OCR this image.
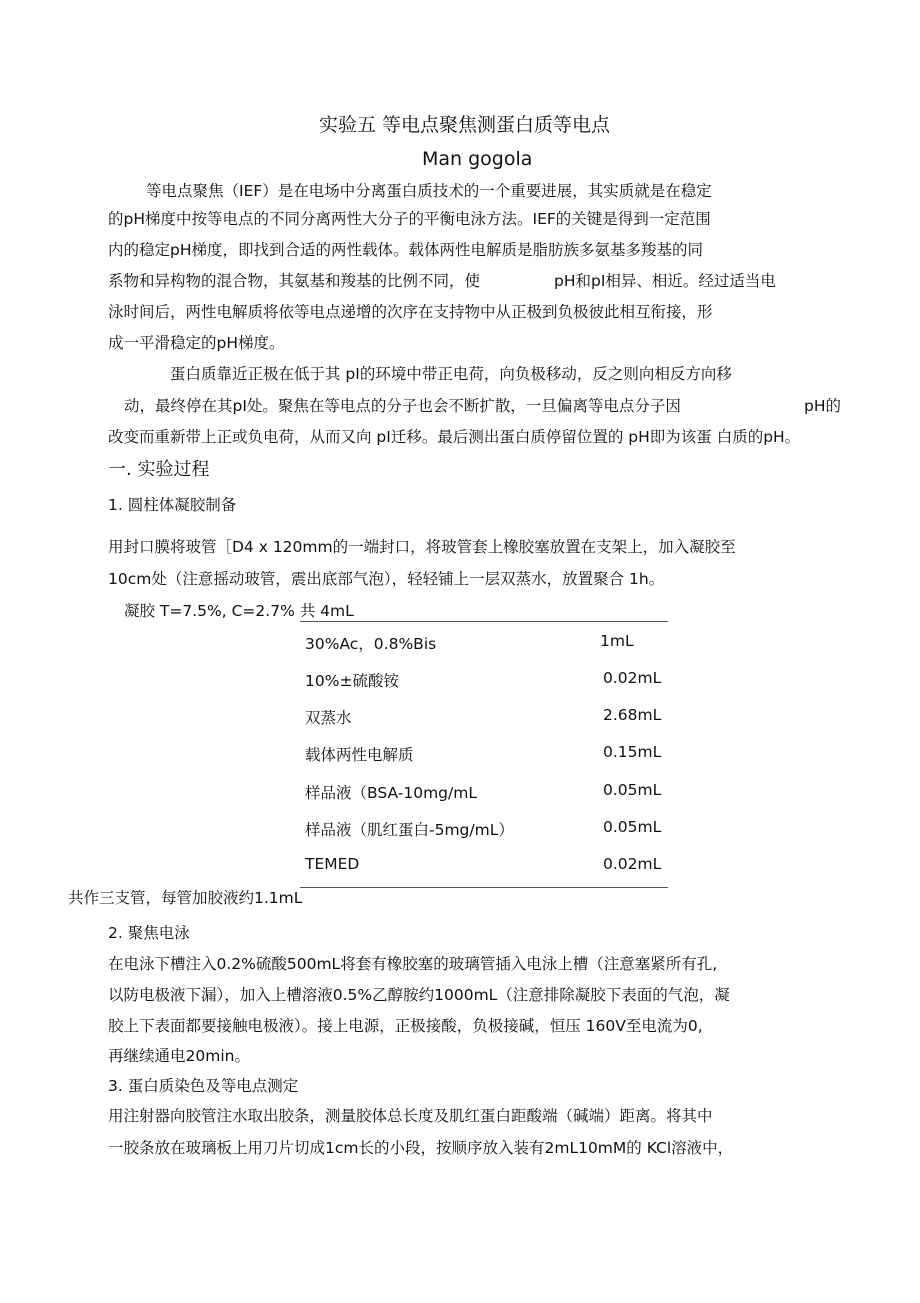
实验五 等电点聚焦测蛋白质等电点
Man gogola
等电点聚焦（IEF）是在电场中分离蛋白质技术的一个重要进展，其实质就是在稳定
的pH梯度中按等电点的不同分离两性大分子的平衡电泳方法。IEF的关键是得到一定范围
内的稳定pH梯度，即找到合适的两性载体。载体两性电解质是脂肪族多氨基多羧基的同
系物和异构物的混合物，其氨基和羧基的比例不同，使	pH和pI相异、相近。经过适当电
泳时间后，两性电解质将依等电点递增的次序在支持物中从正极到负极彼此相互衔接，形
成一平滑稳定的pH梯度。
蛋白质靠近正极在低于其 pI的环境中带正电荷，向负极移动，反之则向相反方向移
动，最终停在其pI处。聚焦在等电点的分子也会不断扩散，一旦偏离等电点分子因	pH的
改变而重新带上正或负电荷，从而又向 pI迁移。最后测出蛋白质停留位置的 pH即为该蛋 白质的pH。
一. 实验过程
1. 圆柱体凝胶制备
用封口膜将玻管［D4 x 120mm的一端封口，将玻管套上橡胶塞放置在支架上，加入凝胶至
10cm处（注意摇动玻管，震出底部气泡），轻轻铺上一层双蒸水，放置聚合 1h。
凝胶 T=7.5%, C=2.7% 共 4mL
30%Ac，0.8%Bis	1mL
10%±硫酸铵	0.02mL
双蒸水	2.68mL
载体两性电解质	0.15mL
样品液（BSA-10mg/mL	0.05mL
样品液（肌红蛋白-5mg/mL）	0.05mL
TEMED	0.02mL
共作三支管，每管加胶液约1.1mL
2. 聚焦电泳
在电泳下槽注入0.2%硫酸500mL将套有橡胶塞的玻璃管插入电泳上槽（注意塞紧所有孔,
以防电极液下漏），加入上槽溶液0.5%乙醇胺约1000mL（注意排除凝胶下表面的气泡，凝
胶上下表面都要接触电极液）。接上电源，正极接酸，负极接碱，恒压 160V至电流为0,
再继续通电20min。
3. 蛋白质染色及等电点测定
用注射器向胶管注水取出胶条，测量胶体总长度及肌红蛋白距酸端（碱端）距离。将其中
一胶条放在玻璃板上用刀片切成1cm长的小段，按顺序放入装有2mL10mM的 KCl溶液中，
